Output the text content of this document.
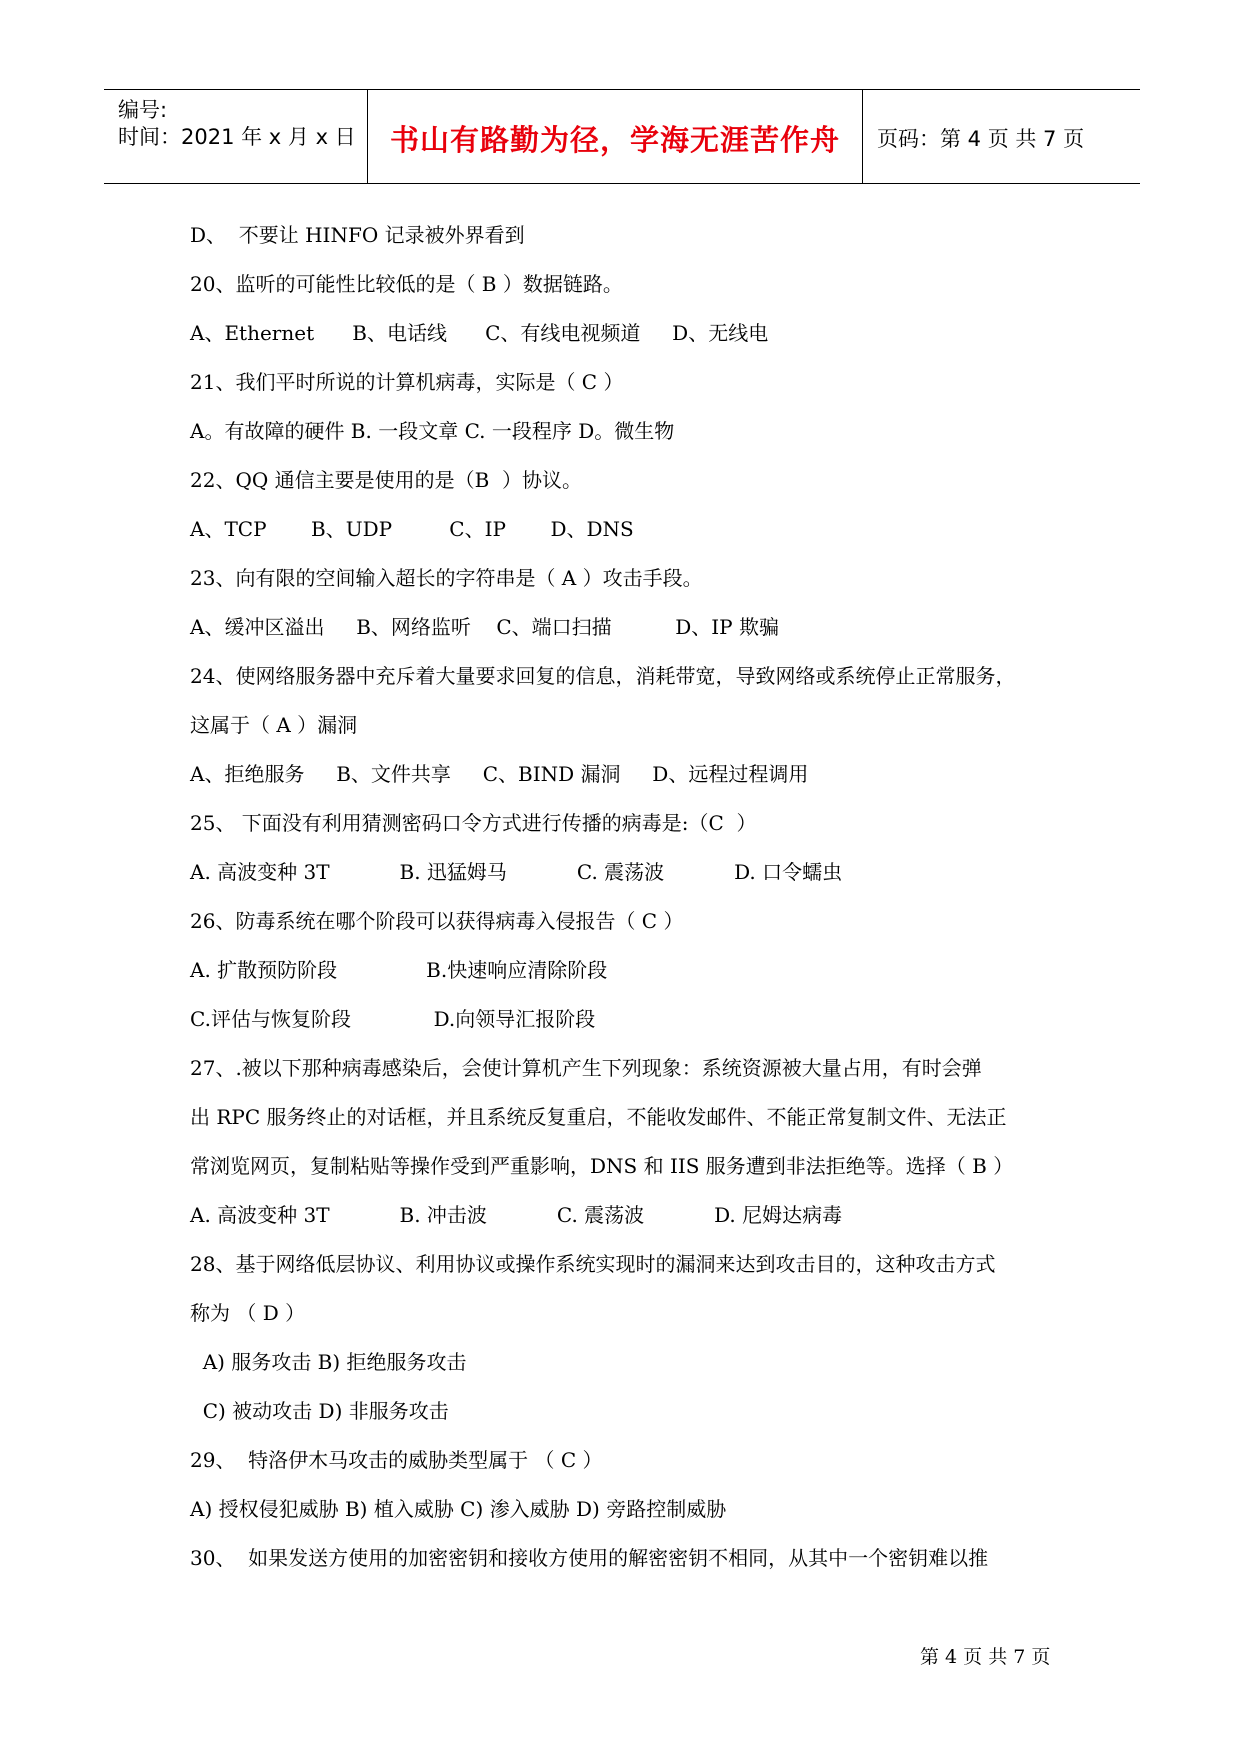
编号:
时间：2021 年 x 月 x 日	书山有路勤为径，学海无涯苦作舟	页码：第 4 页 共 7 页
D、  不要让 HINFO 记录被外界看到
20、监听的可能性比较低的是（ B ）数据链路。
A、Ethernet      B、电话线      C、有线电视频道     D、无线电
21、我们平时所说的计算机病毒，实际是（ C ）
A。有故障的硬件 B. 一段文章 C. 一段程序 D。微生物
22、QQ 通信主要是使用的是（B  ）协议。
A、TCP       B、UDP         C、IP       D、DNS
23、向有限的空间输入超长的字符串是（ A ）攻击手段。
A、缓冲区溢出     B、网络监听    C、端口扫描          D、IP 欺骗
24、使网络服务器中充斥着大量要求回复的信息，消耗带宽，导致网络或系统停止正常服务，
这属于（ A ）漏洞
A、拒绝服务     B、文件共享     C、BIND 漏洞     D、远程过程调用
25、 下面没有利用猜测密码口令方式进行传播的病毒是:（C  ）
A. 高波变种 3T           B. 迅猛姆马           C. 震荡波           D. 口令蠕虫
26、防毒系统在哪个阶段可以获得病毒入侵报告（ C ）
A. 扩散预防阶段              B.快速响应清除阶段
C.评估与恢复阶段             D.向领导汇报阶段
27、.被以下那种病毒感染后，会使计算机产生下列现象：系统资源被大量占用，有时会弹
出 RPC 服务终止的对话框，并且系统反复重启，不能收发邮件、不能正常复制文件、无法正
常浏览网页，复制粘贴等操作受到严重影响，DNS 和 IIS 服务遭到非法拒绝等。选择（ B ）
A. 高波变种 3T           B. 冲击波           C. 震荡波           D. 尼姆达病毒
28、基于网络低层协议、利用协议或操作系统实现时的漏洞来达到攻击目的，这种攻击方式
称为 （ D ）
A) 服务攻击 B) 拒绝服务攻击
C) 被动攻击 D) 非服务攻击
29、  特洛伊木马攻击的威胁类型属于 （ C ）
A) 授权侵犯威胁 B) 植入威胁 C) 渗入威胁 D) 旁路控制威胁
30、  如果发送方使用的加密密钥和接收方使用的解密密钥不相同，从其中一个密钥难以推
第 4 页 共 7 页
